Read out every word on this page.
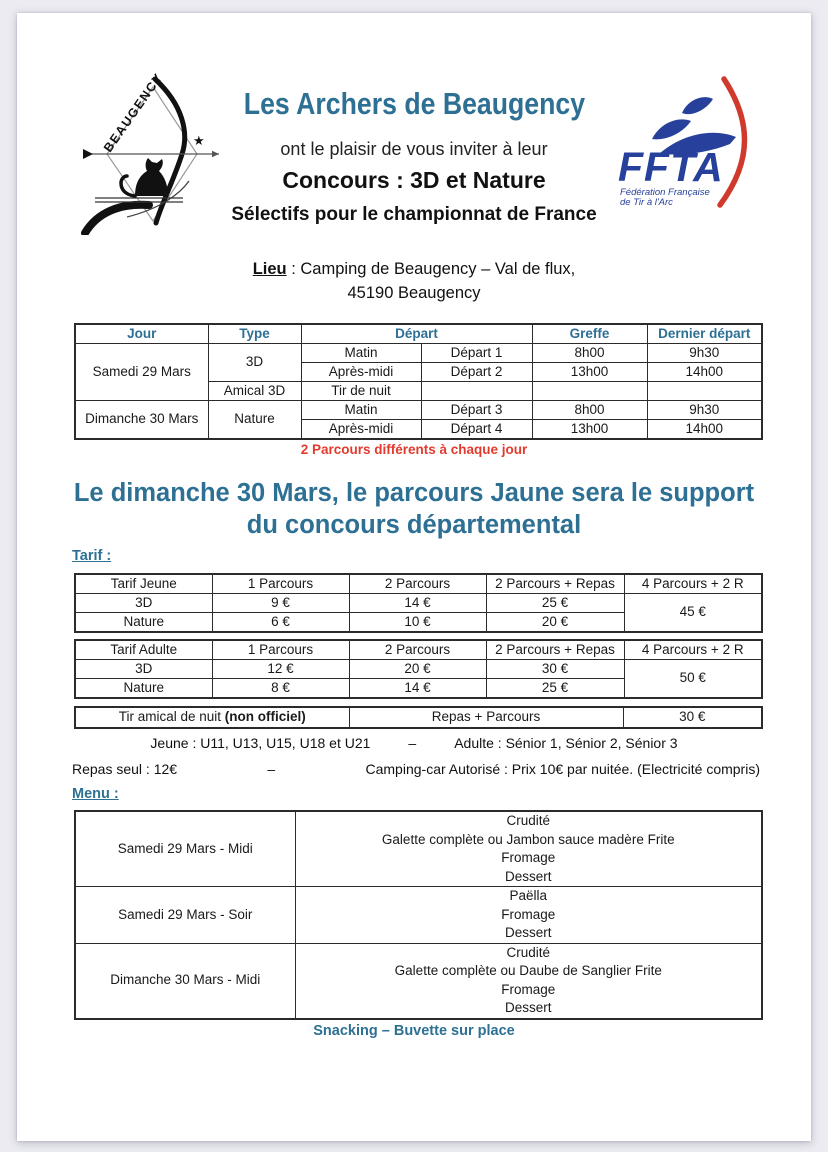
BEAUGENCY ★
FFTA
Fédération Française
de Tir à l'Arc
Les Archers de Beaugency
ont le plaisir de vous inviter à leur
Concours : 3D et Nature
Sélectifs pour le championnat de France
Lieu : Camping de Beaugency – Val de flux,
45190 Beaugency
Jour	Type	Départ		Greffe	Dernier départ
Samedi 29 Mars	3D	Matin	Départ 1	8h00	9h30
		Après-midi	Départ 2	13h00	14h00
	Amical 3D	Tir de nuit			
Dimanche 30 Mars	Nature	Matin	Départ 3	8h00	9h30
		Après-midi	Départ 4	13h00	14h00
2 Parcours différents à chaque jour
Le dimanche 30 Mars, le parcours Jaune sera le support
du concours départemental
Tarif :
Tarif Jeune	1 Parcours	2 Parcours	2 Parcours + Repas	4 Parcours + 2 R
3D	9 €	14 €	25 €	45 €
Nature	6 €	10 €	20 €	
Tarif Adulte	1 Parcours	2 Parcours	2 Parcours + Repas	4 Parcours + 2 R
3D	12 €	20 €	30 €	50 €
Nature	8 €	14 €	25 €	
Tir amical de nuit (non officiel)	Repas + Parcours	30 €
Jeune : U11, U13, U15, U18 et U21	–	Adulte : Sénior 1, Sénior 2, Sénior 3
Repas seul : 12€	–	Camping-car Autorisé : Prix 10€ par nuitée. (Electricité compris)
Menu :
Samedi 29 Mars - Midi	Crudité
Galette complète ou Jambon sauce madère Frite
Fromage
Dessert

Samedi 29 Mars - Soir	Paëlla
Fromage
Dessert

Dimanche 30 Mars - Midi	Crudité
Galette complète ou Daube de Sanglier Frite
Fromage
Dessert
Snacking – Buvette sur place
